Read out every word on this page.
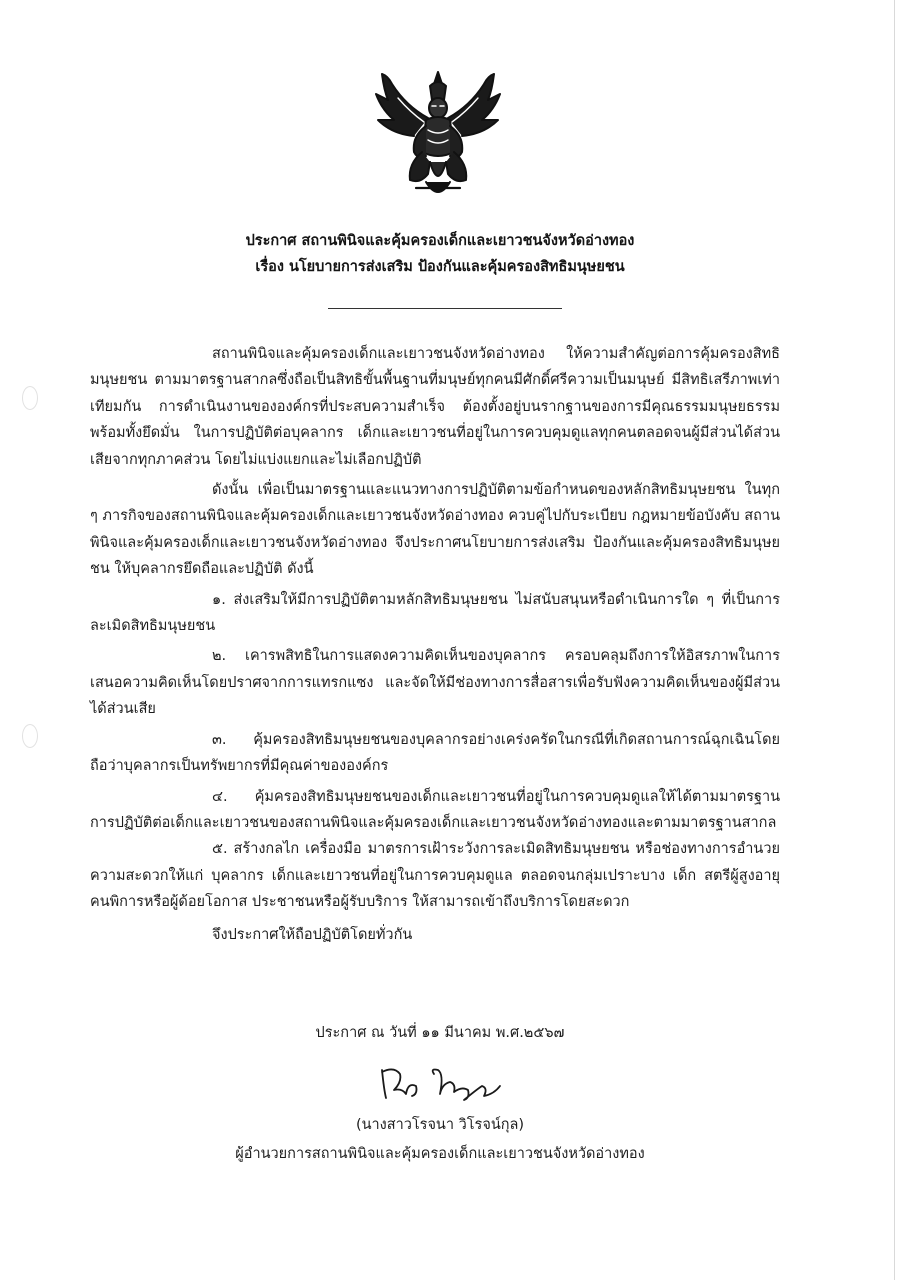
ประกาศ สถานพินิจและคุ้มครองเด็กและเยาวชนจังหวัดอ่างทอง
เรื่อง นโยบายการส่งเสริม ป้องกันและคุ้มครองสิทธิมนุษยชน

สถานพินิจและคุ้มครองเด็กและเยาวชนจังหวัดอ่างทอง ให้ความสำคัญต่อการคุ้มครองสิทธิมนุษยชน ตามมาตรฐานสากลซึ่งถือเป็นสิทธิขั้นพื้นฐานที่มนุษย์ทุกคนมีศักดิ์ศรีความเป็นมนุษย์ มีสิทธิเสรีภาพเท่าเทียมกัน การดำเนินงานขององค์กรที่ประสบความสำเร็จ ต้องตั้งอยู่บนรากฐานของการมีคุณธรรมมนุษยธรรม พร้อมทั้งยึดมั่น ในการปฏิบัติต่อบุคลากร เด็กและเยาวชนที่อยู่ในการควบคุมดูแลทุกคนตลอดจนผู้มีส่วนได้ส่วนเสียจากทุกภาคส่วน โดยไม่แบ่งแยกและไม่เลือกปฏิบัติ

ดังนั้น เพื่อเป็นมาตรฐานและแนวทางการปฏิบัติตามข้อกำหนดของหลักสิทธิมนุษยชน ในทุก ๆ ภารกิจของสถานพินิจและคุ้มครองเด็กและเยาวชนจังหวัดอ่างทอง ควบคู่ไปกับระเบียบ กฎหมายข้อบังคับ สถานพินิจและคุ้มครองเด็กและเยาวชนจังหวัดอ่างทอง จึงประกาศนโยบายการส่งเสริม ป้องกันและคุ้มครองสิทธิมนุษยชน ให้บุคลากรยึดถือและปฏิบัติ ดังนี้

๑. ส่งเสริมให้มีการปฏิบัติตามหลักสิทธิมนุษยชน ไม่สนับสนุนหรือดำเนินการใด ๆ ที่เป็นการละเมิดสิทธิมนุษยชน

๒. เคารพสิทธิในการแสดงความคิดเห็นของบุคลากร ครอบคลุมถึงการให้อิสรภาพในการเสนอความคิดเห็นโดยปราศจากการแทรกแซง และจัดให้มีช่องทางการสื่อสารเพื่อรับฟังความคิดเห็นของผู้มีส่วนได้ส่วนเสีย

๓. คุ้มครองสิทธิมนุษยชนของบุคลากรอย่างเคร่งครัดในกรณีที่เกิดสถานการณ์ฉุกเฉินโดยถือว่าบุคลากรเป็นทรัพยากรที่มีคุณค่าขององค์กร

๔. คุ้มครองสิทธิมนุษยชนของเด็กและเยาวชนที่อยู่ในการควบคุมดูแลให้ได้ตามมาตรฐานการปฏิบัติต่อเด็กและเยาวชนของสถานพินิจและคุ้มครองเด็กและเยาวชนจังหวัดอ่างทองและตามมาตรฐานสากล

๕. สร้างกลไก เครื่องมือ มาตรการเฝ้าระวังการละเมิดสิทธิมนุษยชน หรือช่องทางการอำนวยความสะดวกให้แก่ บุคลากร เด็กและเยาวชนที่อยู่ในการควบคุมดูแล ตลอดจนกลุ่มเปราะบาง เด็ก สตรีผู้สูงอายุ คนพิการหรือผู้ด้อยโอกาส ประชาชนหรือผู้รับบริการ ให้สามารถเข้าถึงบริการโดยสะดวก

จึงประกาศให้ถือปฏิบัติโดยทั่วกัน

ประกาศ ณ วันที่ ๑๑ มีนาคม พ.ศ.๒๕๖๗
(นางสาวโรจนา วิโรจน์กุล)
ผู้อำนวยการสถานพินิจและคุ้มครองเด็กและเยาวชนจังหวัดอ่างทอง
